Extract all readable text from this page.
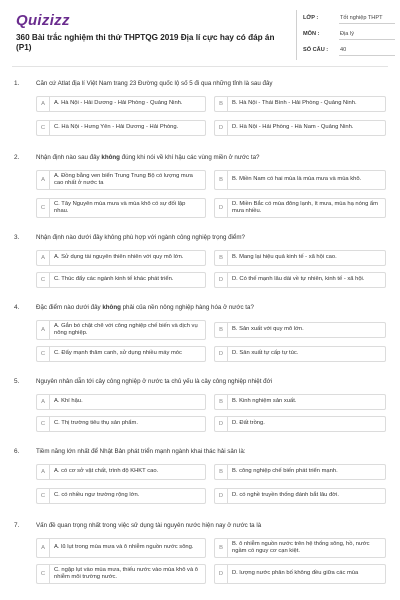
Quizizz
360 Bài trắc nghiệm thi thử THPTQG 2019 Địa lí cực hay có đáp án (P1)
LỚP :	Tốt nghiệp THPT
MÔN :	Địa lý
SỐ CÂU :	40
1.	Căn cứ Atlat địa lí Việt Nam trang 23 Đường quốc lộ số 5 đi qua những tỉnh là sau đây
A	A. Hà Nội - Hải Dương - Hải Phòng - Quảng Ninh.	B	B. Hà Nội - Thái Bình - Hải Phòng - Quảng Ninh.
C	C. Hà Nội - Hưng Yên - Hải Dương - Hải Phòng.	D	D. Hà Nội - Hải Phòng - Hà Nam - Quảng Ninh.
2.	Nhận định nào sau đây không đúng khi nói về khí hậu các vùng miền ở nước ta?
A
A. Đồng bằng ven biển Trung Trung Bộ có lượng mưa cao nhất ở nước ta	B	B. Miền Nam có hai mùa là mùa mưa và mùa khô.
C
C. Tây Nguyên mùa mưa và mùa khô có sự đối lập nhau.	D
D. Miền Bắc có mùa đông lạnh, ít mưa, mùa hạ nóng ẩm mưa nhiều.
3.	Nhận định nào dưới đây không phù hợp với ngành công nghiệp trọng điểm?
A	A. Sử dụng tài nguyên thiên nhiên với quy mô lớn.	B	B. Mang lại hiệu quả kinh tế - xã hội cao.
C	C. Thúc đẩy các ngành kinh tế khác phát triển.	D	D. Có thế mạnh lâu dài về tự nhiên, kinh tế - xã hội.
4.	Đặc điểm nào dưới đây không phải của nền nông nghiệp hàng hóa ở nước ta?
A
A. Gắn bó chặt chẽ với công nghiệp chế biến và dịch vụ nông nghiệp.	B	B. Sản xuất với quy mô lớn.
C	C. Đẩy mạnh thâm canh, sử dụng nhiều máy móc	D	D. Sản xuất tự cấp tự túc.
5.	Nguyên nhân dẫn tới cây công nghiệp ở nước ta chủ yếu là cây công nghiệp nhiệt đới
A	A. Khí hậu.	B	B. Kinh nghiệm sản xuất.
C	C. Thị trường tiêu thụ sản phẩm.	D	D. Đất trồng.
6.	Tiềm năng lớn nhất để Nhật Bản phát triển mạnh ngành khai thác hải sản là:
A	A. có cơ sở vật chất, trình độ KHKT cao.	B	B. công nghiệp chế biến phát triển mạnh.
C	C. có nhiều ngư trường rộng lớn.	D	D. có nghề truyền thống đánh bắt lâu đời.
7.	Vấn đề quan trọng nhất trong việc sử dụng tài nguyên nước hiện nay ở nước ta là
A	A. lũ lụt trong mùa mưa và ô nhiễm nguồn nước sông.	B
B. ô nhiễm nguồn nước trên hệ thống sông, hồ, nước ngầm có nguy cơ cạn kiệt.
C
C. ngập lụt vào mùa mưa, thiếu nước vào mùa khô và ô nhiễm môi trường nước.	D	D. lượng nước phân bố không đều giữa các mùa
